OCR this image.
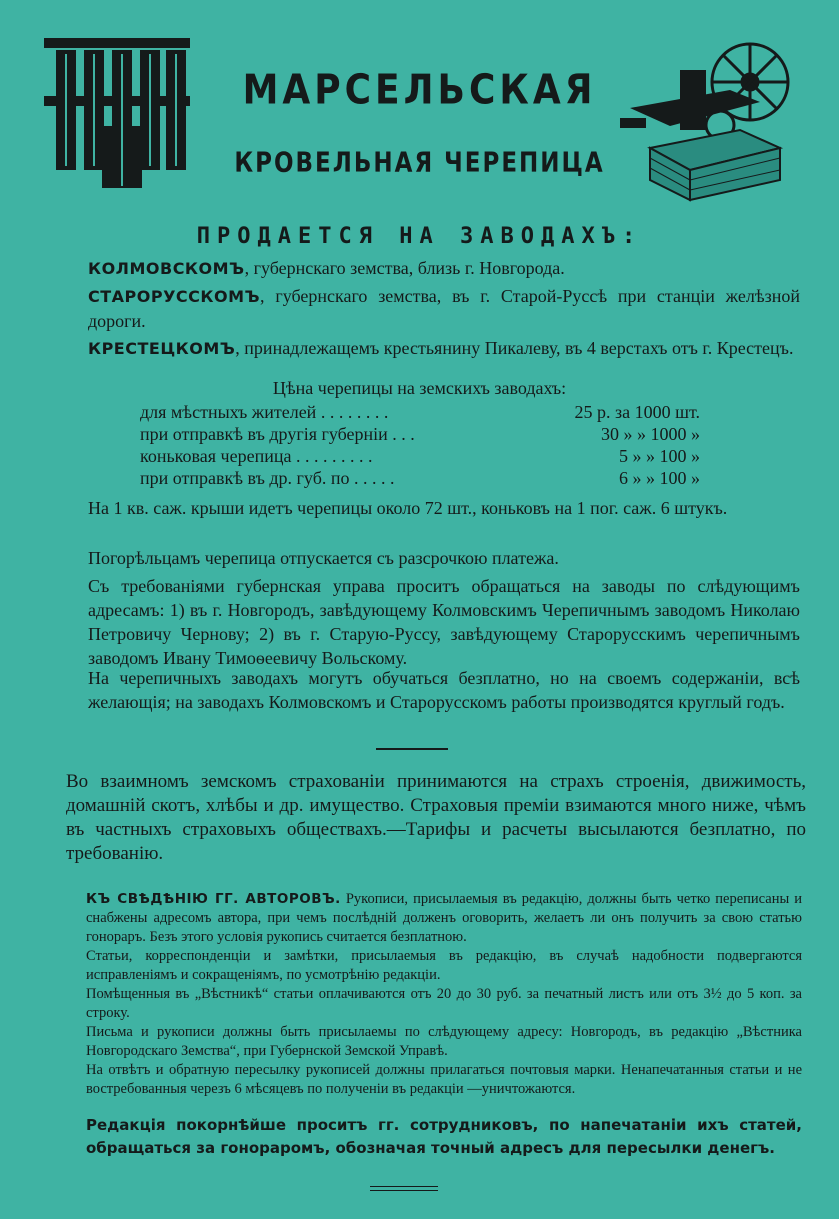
МАРСЕЛЬСКАЯ
КРОВЕЛЬНАЯ ЧЕРЕПИЦА
ПРОДАЕТСЯ НА ЗАВОДАХЪ:
КОЛМОВСКОМЪ, губернскаго земства, близь г. Новгорода.
СТАРОРУССКОМЪ, губернскаго земства, въ г. Старой-Руссѣ при станціи желѣзной дороги.
КРЕСТЕЦКОМЪ, принадлежащемъ крестьянину Пикалеву, въ 4 верстахъ отъ г. Крестецъ.
Цѣна черепицы на земскихъ заводахъ:
для мѣстныхъ жителей . . . . . . . .	25 р. за 1000 шт.
при отправкѣ въ другія губерніи . . .	30 » » 1000 »
коньковая черепица . . . . . . . . .	5 » » 100 »
при отправкѣ въ др. губ. по . . . . .	6 » » 100 »
На 1 кв. саж. крыши идетъ черепицы около 72 шт., коньковъ на 1 пог. саж. 6 штукъ.
Погорѣльцамъ черепица отпускается съ разсрочкою платежа.
Съ требованіями губернская управа проситъ обращаться на заводы по слѣдующимъ адресамъ: 1) въ г. Новгородъ, завѣдующему Колмовскимъ Черепичнымъ заводомъ Николаю Петровичу Чернову; 2) въ г. Старую-Руссу, завѣдующему Старорусскимъ черепичнымъ заводомъ Ивану Тимоѳеевичу Вольскому.
На черепичныхъ заводахъ могутъ обучаться безплатно, но на своемъ содержаніи, всѣ желающія; на заводахъ Колмовскомъ и Старорусскомъ работы производятся круглый годъ.
Во взаимномъ земскомъ страхованіи принимаются на страхъ строенія, движимость, домашній скотъ, хлѣбы и др. имущество. Страховыя преміи взимаются много ниже, чѣмъ въ частныхъ страховыхъ обществахъ.—Тарифы и расчеты высылаются безплатно, по требованію.

КЪ СВѢДѢНІЮ ГГ. АВТОРОВЪ. Рукописи, присылаемыя въ редакцію, должны быть четко переписаны и снабжены адресомъ автора, при чемъ послѣдній долженъ оговорить, желаетъ ли онъ получить за свою статью гонораръ. Безъ этого условія рукопись считается безплатною.

Статьи, корреспонденціи и замѣтки, присылаемыя въ редакцію, въ случаѣ надобности подвергаются исправленіямъ и сокращеніямъ, по усмотрѣнію редакціи.

Помѣщенныя въ „Вѣстникѣ“ статьи оплачиваются отъ 20 до 30 руб. за печатный листъ или отъ 3½ до 5 коп. за строку.

Письма и рукописи должны быть присылаемы по слѣдующему адресу: Новгородъ, въ редакцію „Вѣстника Новгородскаго Земства“, при Губернской Земской Управѣ.

На отвѣтъ и обратную пересылку рукописей должны прилагаться почтовыя марки. Ненапечатанныя статьи и не востребованныя черезъ 6 мѣсяцевъ по полученіи въ редакціи —уничтожаются.

Редакція покорнѣйше проситъ гг. сотрудниковъ, по напечатаніи ихъ статей, обращаться за гонораромъ, обозначая точный адресъ для пересылки денегъ.
